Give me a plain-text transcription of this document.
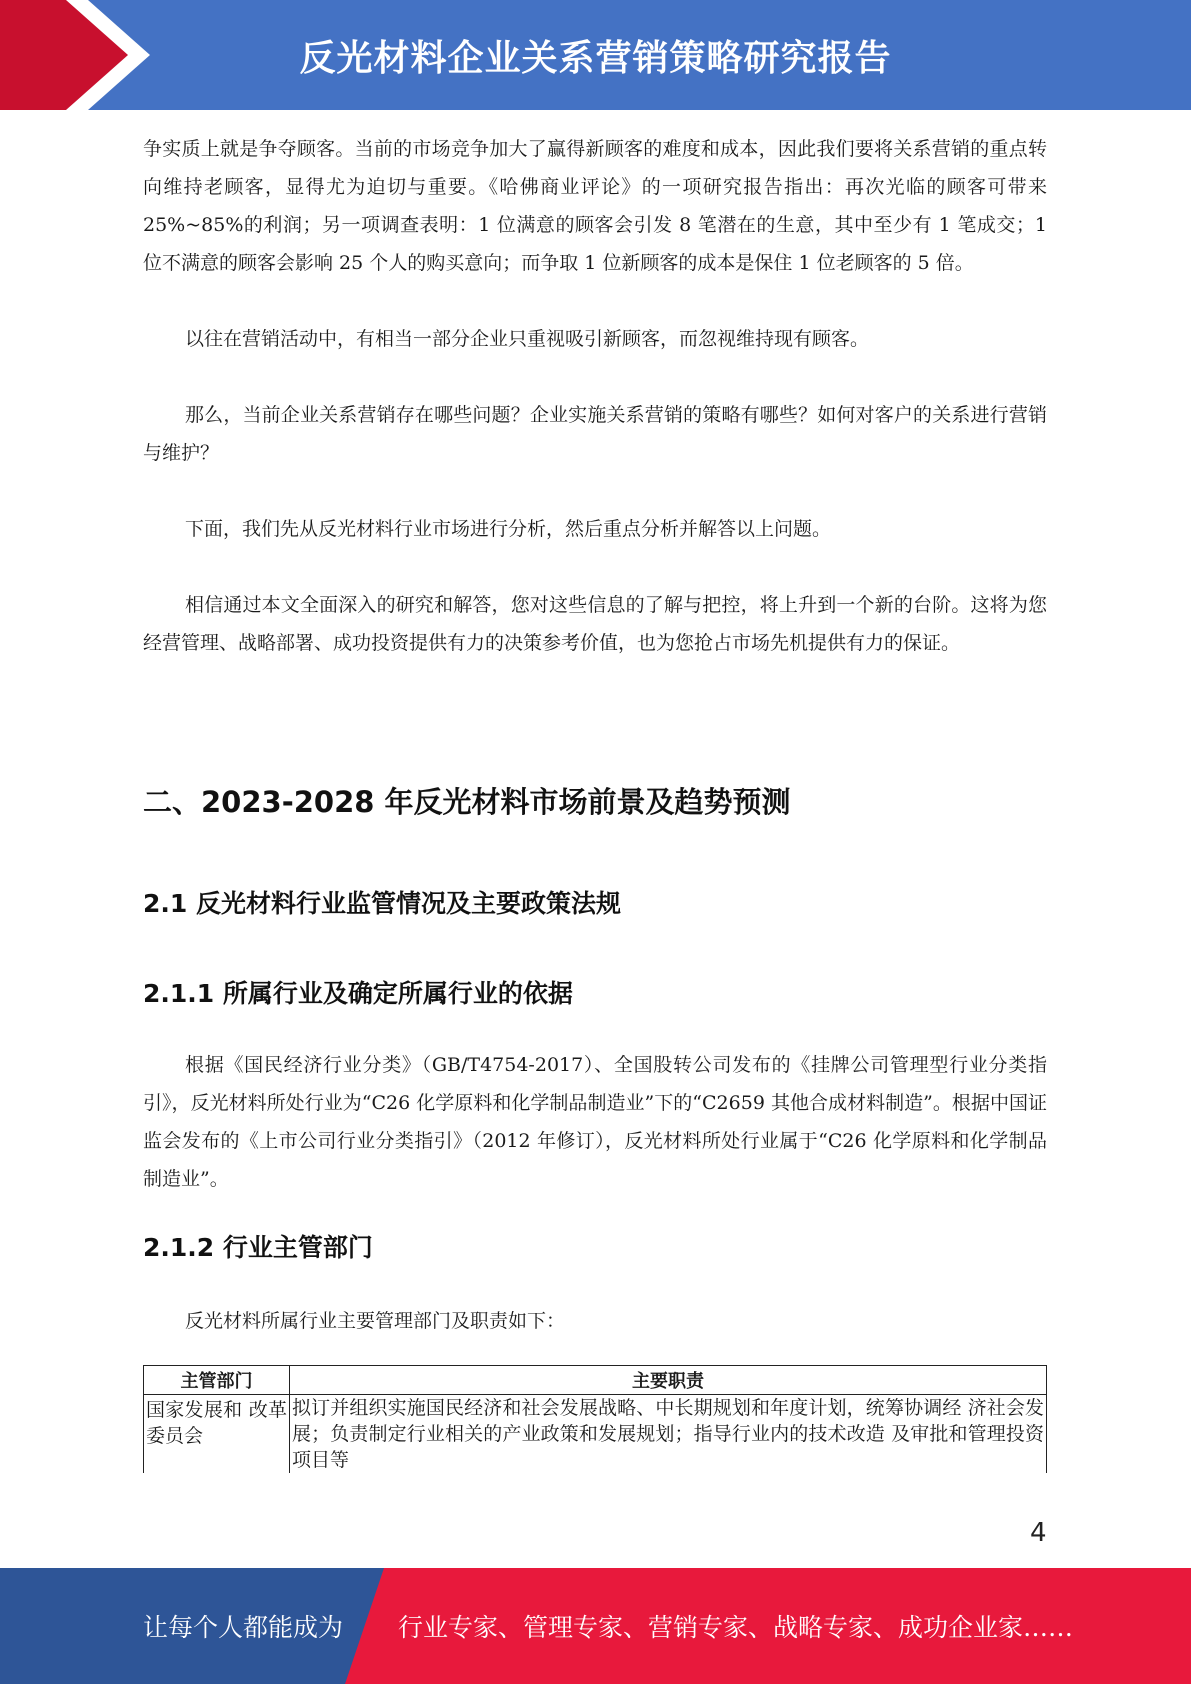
反光材料企业关系营销策略研究报告

争实质上就是争夺顾客。当前的市场竞争加大了赢得新顾客的难度和成本，因此我们要将关系营销的重点转向维持老顾客，显得尤为迫切与重要。《哈佛商业评论》的一项研究报告指出：再次光临的顾客可带来 25%~85%的利润；另一项调查表明：1 位满意的顾客会引发 8 笔潜在的生意，其中至少有 1 笔成交；1 位不满意的顾客会影响 25 个人的购买意向；而争取 1 位新顾客的成本是保住 1 位老顾客的 5 倍。

以往在营销活动中，有相当一部分企业只重视吸引新顾客，而忽视维持现有顾客。

那么，当前企业关系营销存在哪些问题？企业实施关系营销的策略有哪些？如何对客户的关系进行营销与维护？

下面，我们先从反光材料行业市场进行分析，然后重点分析并解答以上问题。

相信通过本文全面深入的研究和解答，您对这些信息的了解与把控，将上升到一个新的台阶。这将为您经营管理、战略部署、成功投资提供有力的决策参考价值，也为您抢占市场先机提供有力的保证。

二、2023-2028 年反光材料市场前景及趋势预测
2.1 反光材料行业监管情况及主要政策法规
2.1.1 所属行业及确定所属行业的依据

根据《国民经济行业分类》（GB/T4754-2017）、全国股转公司发布的《挂牌公司管理型行业分类指引》，反光材料所处行业为“C26 化学原料和化学制品制造业”下的“C2659 其他合成材料制造”。根据中国证监会发布的《上市公司行业分类指引》（2012 年修订），反光材料所处行业属于“C26 化学原料和化学制品制造业”。

2.1.2 行业主管部门

反光材料所属行业主要管理部门及职责如下：

主管部门	主要职责
国家发展和 改革委员会	拟订并组织实施国民经济和社会发展战略、中长期规划和年度计划，统筹协调经 济社会发展；负责制定行业相关的产业政策和发展规划；指导行业内的技术改造 及审批和管理投资项目等
4
让每个人都能成为 行业专家、管理专家、营销专家、战略专家、成功企业家……
